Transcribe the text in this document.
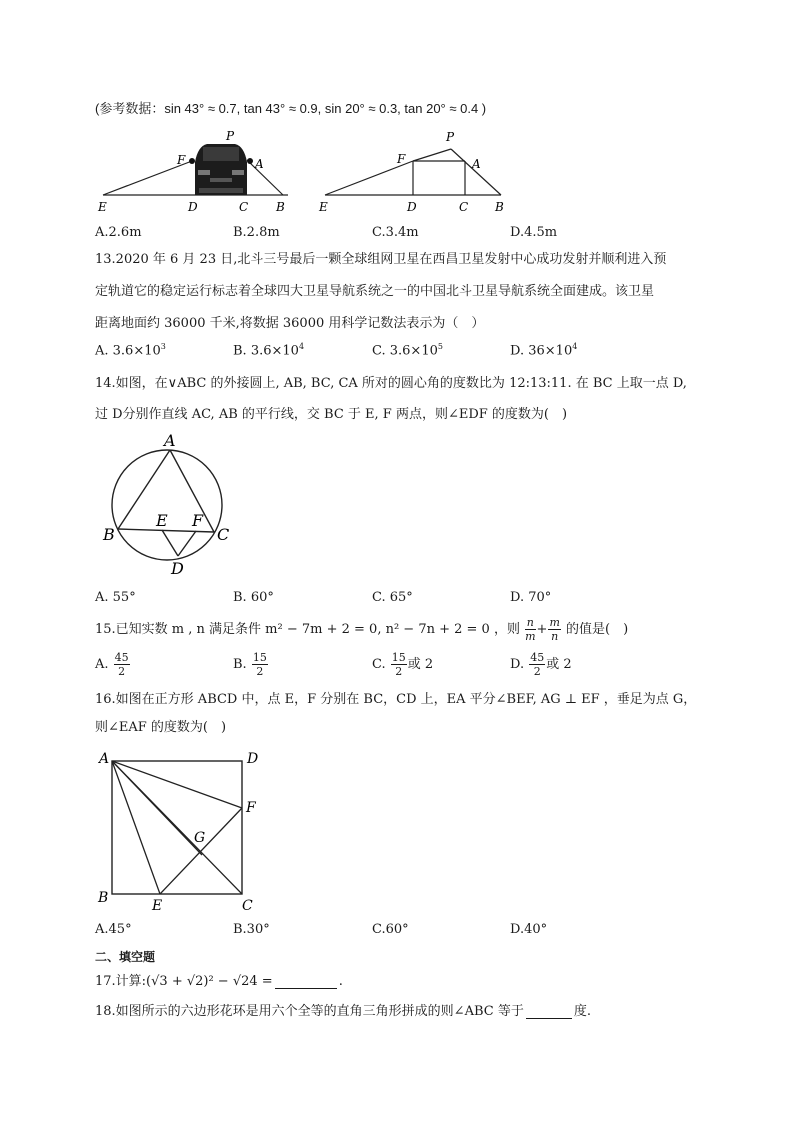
(参考数据：sin 43° ≈ 0.7, tan 43° ≈ 0.9, sin 20° ≈ 0.3, tan 20° ≈ 0.4 )
P
F	A
E	D	C B
P
F	A
E	D	C B
A.2.6m	B.2.8m	C.3.4m	D.4.5m
13.2020 年 6 月 23 日,北斗三号最后一颗全球组网卫星在西昌卫星发射中心成功发射并顺利进入预
定轨道它的稳定运行标志着全球四大卫星导航系统之一的中国北斗卫星导航系统全面建成。该卫星
距离地面约 36000 千米,将数据 36000 用科学记数法表示为（　）
A. $3.6\times 10^3$	B. $3.6\times 10^4$	C. $3.6\times 10^5$	D. $36\times 10^4$
14.如图，在∨ABC 的外接圆上, AB, BC, CA 所对的圆心角的度数比为 12:13:11. 在 BC 上取一点 D,
过 D分别作直线 AC, AB 的平行线，交 BC 于 E, F 两点，则∠EDF 的度数为(　)
A
B	C
D
E F
A. 55°	B. 60°	C. 65°	D. 70°
15.已知实数 m , n 满足条件 m² − 7m + 2 = 0, n² − 7n + 2 = 0 ，则 $\frac{n}{m} + \frac{m}{n}$ 的值是(　)
A. $\frac{45}{2}$	B. $\frac{15}{2}$	C. $\frac{15}{2}$ 或 2	D. $\frac{45}{2}$ 或 2
16.如图在正方形 ABCD 中，点 E，F 分别在 BC，CD 上，EA 平分∠BEF, AG ⊥ EF ，垂足为点 G，
则∠EAF 的度数为(　)
A	D
B	C
E
F
G
A.45°	B.30°	C.60°	D.40°
二、填空题
17.计算:(√3 + √2)² − √24 =	.
18.如图所示的六边形花环是用六个全等的直角三角形拼成的则∠ABC 等于	度.
